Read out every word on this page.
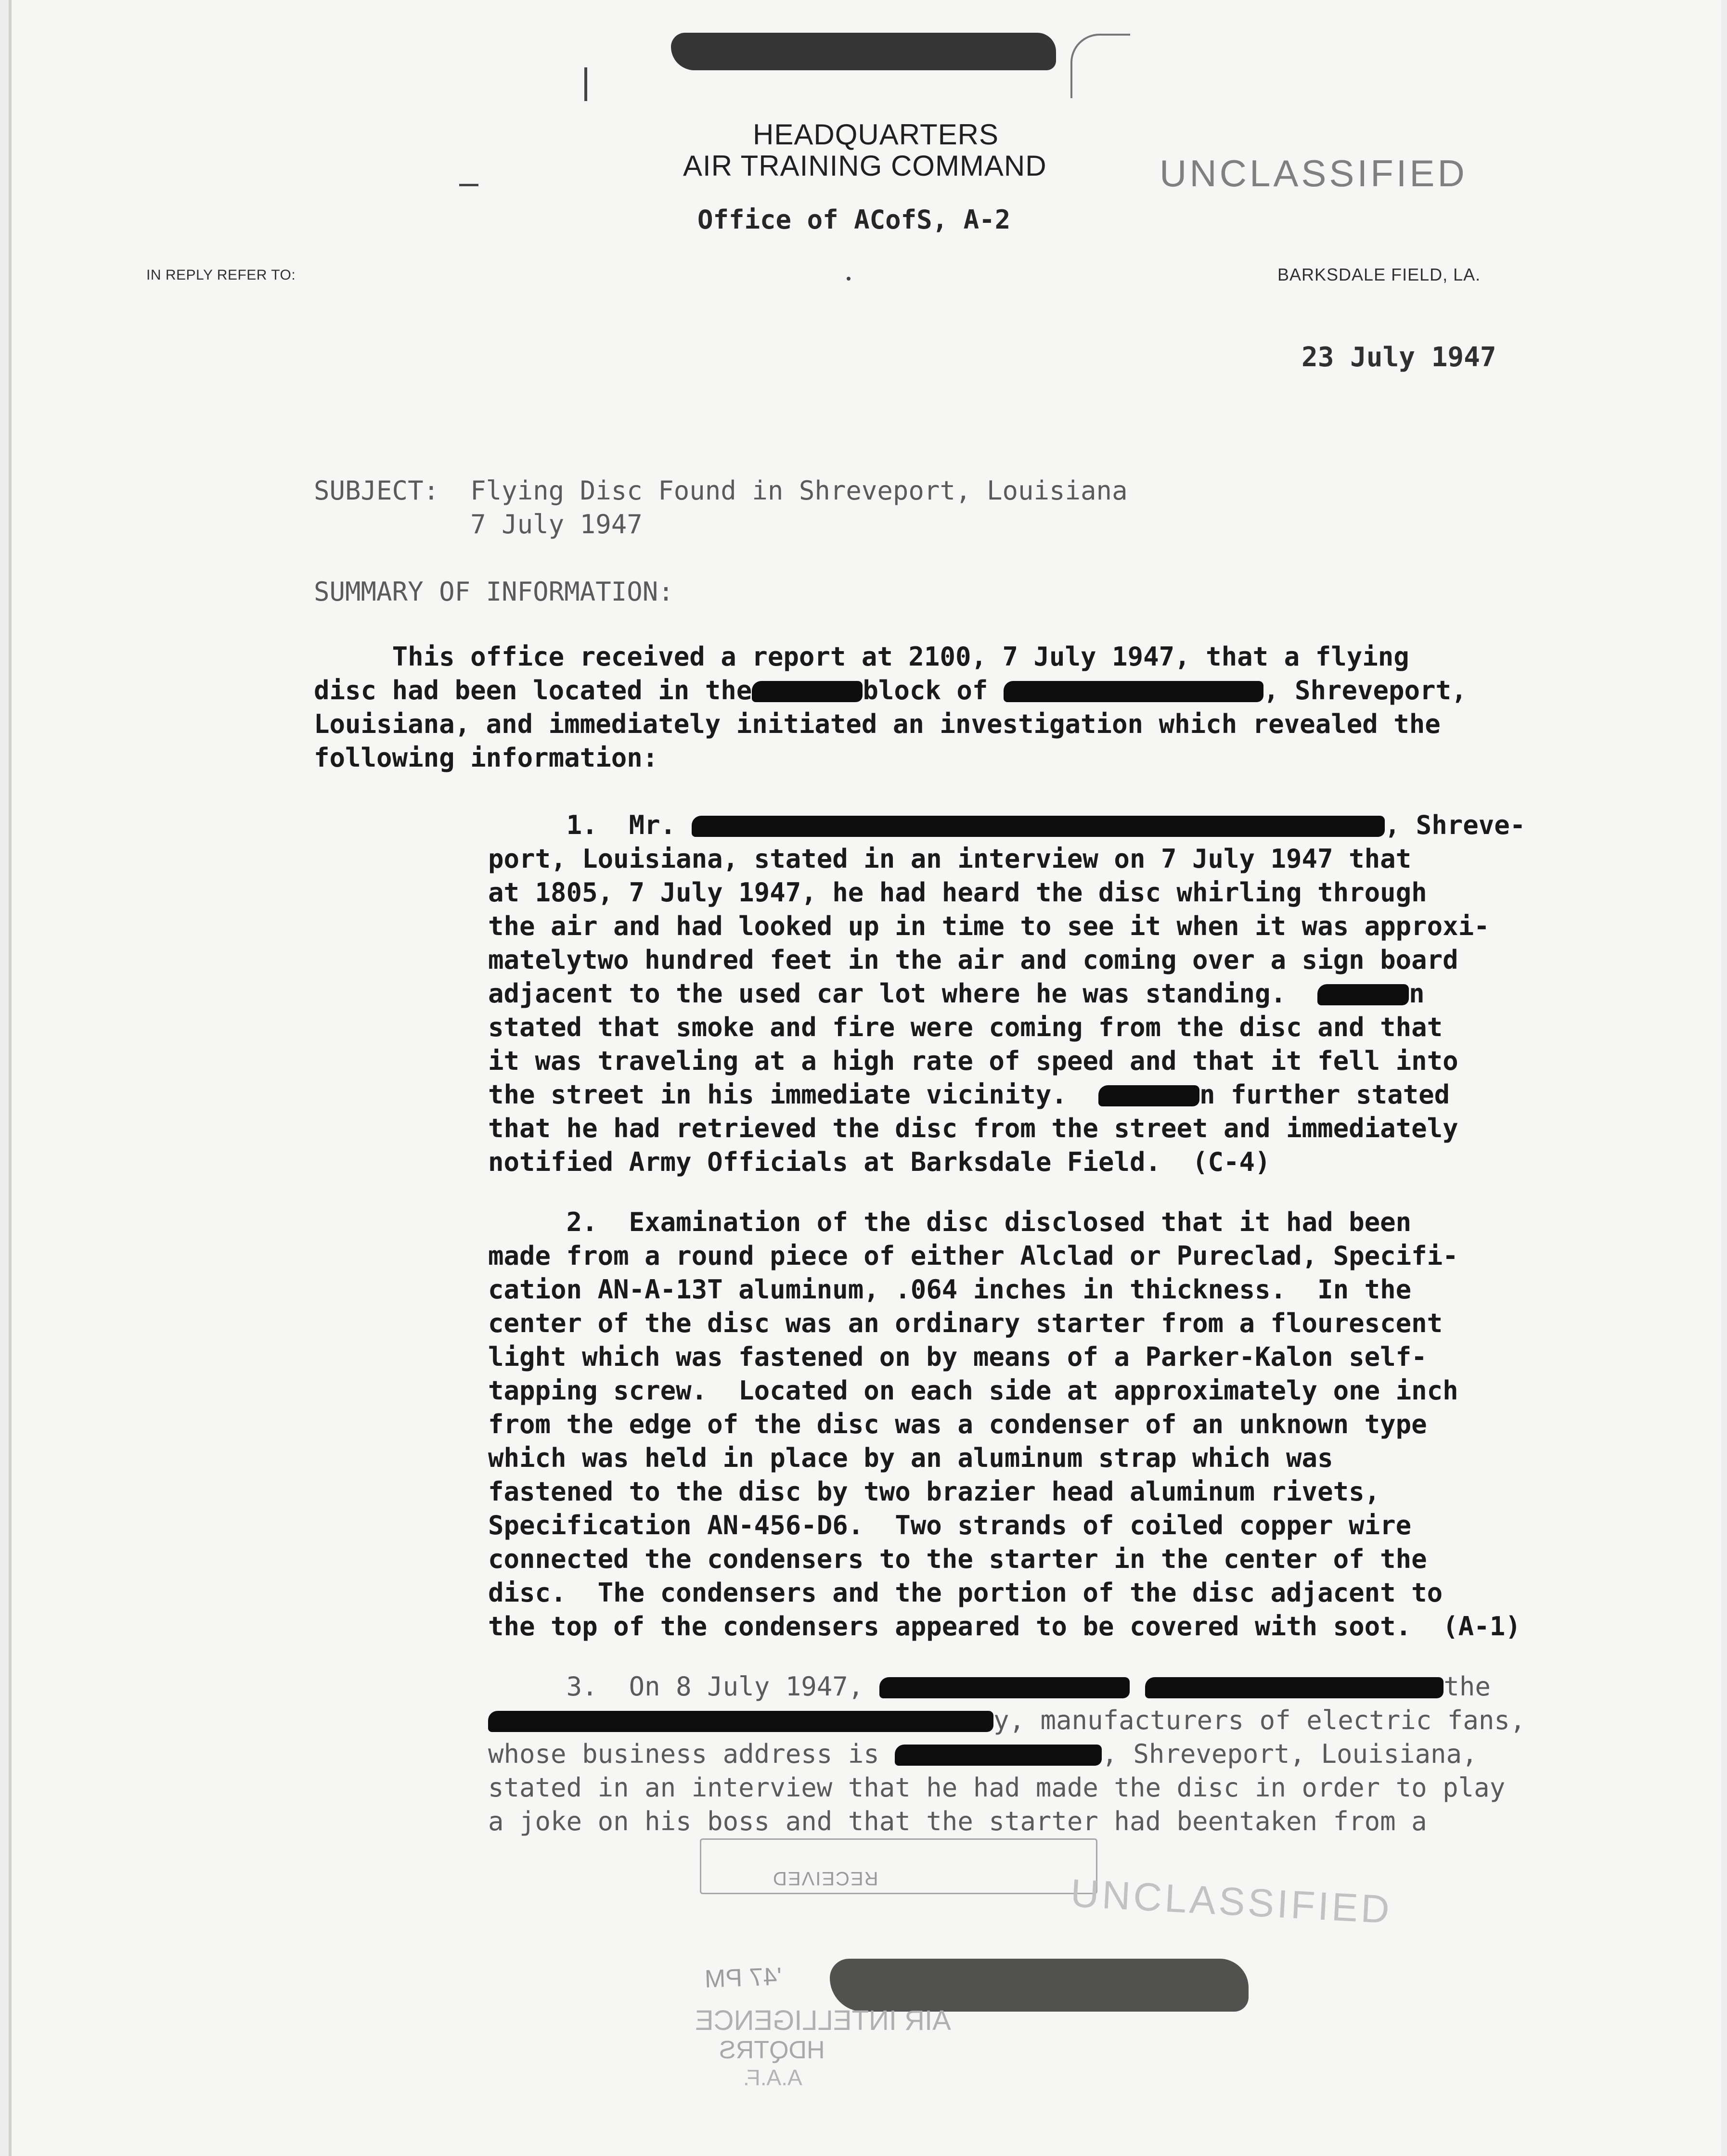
HEADQUARTERS
AIR TRAINING COMMAND	UNCLASSIFIED
Office of ACofS, A-2
IN REPLY REFER TO:	BARKSDALE FIELD, LA.
23 July 1947
SUBJECT: Flying Disc Found in Shreveport, Louisiana
7 July 1947
SUMMARY OF INFORMATION:
This office received a report at 2100, 7 July 1947, that a flying
disc had been located in the	block of	, Shreveport,
Louisiana, and immediately initiated an investigation which revealed the
following information:
1.  Mr.	, Shreve-
port, Louisiana, stated in an interview on 7 July 1947 that
at 1805, 7 July 1947, he had heard the disc whirling through
the air and had looked up in time to see it when it was approxi-
matelytwo hundred feet in the air and coming over a sign board
adjacent to the used car lot where he was standing.	n
stated that smoke and fire were coming from the disc and that
it was traveling at a high rate of speed and that it fell into
the street in his immediate vicinity.	n further stated
that he had retrieved the disc from the street and immediately
notified Army Officials at Barksdale Field.  (C-4)
2.  Examination of the disc disclosed that it had been
made from a round piece of either Alclad or Pureclad, Specifi-
cation AN-A-13T aluminum, .064 inches in thickness.  In the
center of the disc was an ordinary starter from a flourescent
light which was fastened on by means of a Parker-Kalon self-
tapping screw.  Located on each side at approximately one inch
from the edge of the disc was a condenser of an unknown type
which was held in place by an aluminum strap which was
fastened to the disc by two brazier head aluminum rivets,
Specification AN-456-D6.  Two strands of coiled copper wire
connected the condensers to the starter in the center of the
disc.  The condensers and the portion of the disc adjacent to
the top of the condensers appeared to be covered with soot.  (A-1)
3.  On 8 July 1947,	the
y, manufacturers of electric fans,
whose business address is	, Shreveport, Louisiana,
stated in an interview that he had made the disc in order to play
a joke on his boss and that the starter had beentaken from a
RECEIVED	UNCLASSIFIED
'47 PM
AIR INTELLIGENCE
HDQTRS
A.A.F.
